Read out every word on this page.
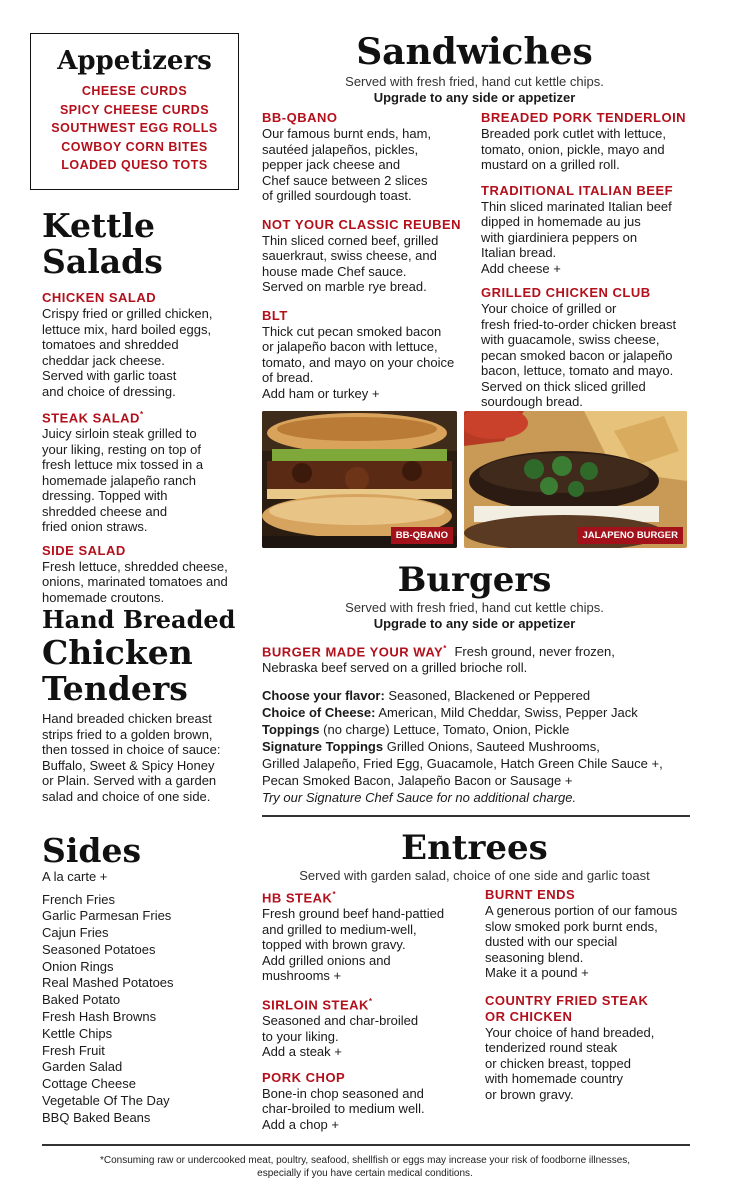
Appetizers
CHEESE CURDS
SPICY CHEESE CURDS
SOUTHWEST EGG ROLLS
COWBOY CORN BITES
LOADED QUESO TOTS
Sandwiches
Served with fresh fried, hand cut kettle chips.
Upgrade to any side or appetizer
BB-QBANO
Our famous burnt ends, ham,
sautéed jalapeños, pickles,
pepper jack cheese and
Chef sauce between 2 slices
of grilled sourdough toast.
NOT YOUR CLASSIC REUBEN
Thin sliced corned beef, grilled
sauerkraut, swiss cheese, and
house made Chef sauce.
Served on marble rye bread.
BLT
Thick cut pecan smoked bacon
or jalapeño bacon with lettuce,
tomato, and mayo on your choice
of bread.
Add ham or turkey +
BREADED PORK TENDERLOIN
Breaded pork cutlet with lettuce,
tomato, onion, pickle, mayo and
mustard on a grilled roll.
TRADITIONAL ITALIAN BEEF
Thin sliced marinated Italian beef
dipped in homemade au jus
with giardiniera peppers on
Italian bread.
Add cheese +
GRILLED CHICKEN CLUB
Your choice of grilled or
fresh fried-to-order chicken breast
with guacamole, swiss cheese,
pecan smoked bacon or jalapeño
bacon, lettuce, tomato and mayo.
Served on thick sliced grilled
sourdough bread.
BB-QBANO	JALAPENO BURGER
Kettle
Salads
CHICKEN SALAD
Crispy fried or grilled chicken,
lettuce mix, hard boiled eggs,
tomatoes and shredded
cheddar jack cheese.
Served with garlic toast
and choice of dressing.
STEAK SALAD*
Juicy sirloin steak grilled to
your liking, resting on top of
fresh lettuce mix tossed in a
homemade jalapeño ranch
dressing. Topped with
shredded cheese and
fried onion straws.
SIDE SALAD
Fresh lettuce, shredded cheese,
onions, marinated tomatoes and
homemade croutons.
Hand Breaded
Chicken
Tenders
Hand breaded chicken breast
strips fried to a golden brown,
then tossed in choice of sauce:
Buffalo, Sweet & Spicy Honey
or Plain. Served with a garden
salad and choice of one side.
Burgers
Served with fresh fried, hand cut kettle chips.
Upgrade to any side or appetizer
BURGER MADE YOUR WAY* Fresh ground, never frozen,
Nebraska beef served on a grilled brioche roll.
Choose your flavor: Seasoned, Blackened or Peppered
Choice of Cheese: American, Mild Cheddar, Swiss, Pepper Jack
Toppings (no charge) Lettuce, Tomato, Onion, Pickle
Signature Toppings Grilled Onions, Sauteed Mushrooms,
Grilled Jalapeño, Fried Egg, Guacamole, Hatch Green Chile Sauce +,
Pecan Smoked Bacon, Jalapeño Bacon or Sausage +
Try our Signature Chef Sauce for no additional charge.
Sides
A la carte +
French Fries
Garlic Parmesan Fries
Cajun Fries
Seasoned Potatoes
Onion Rings
Real Mashed Potatoes
Baked Potato
Fresh Hash Browns
Kettle Chips
Fresh Fruit
Garden Salad
Cottage Cheese
Vegetable Of The Day
BBQ Baked Beans
Entrees
Served with garden salad, choice of one side and garlic toast
HB STEAK*
Fresh ground beef hand-pattied
and grilled to medium-well,
topped with brown gravy.
Add grilled onions and
mushrooms +
SIRLOIN STEAK*
Seasoned and char-broiled
to your liking.
Add a steak +
PORK CHOP
Bone-in chop seasoned and
char-broiled to medium well.
Add a chop +
BURNT ENDS
A generous portion of our famous
slow smoked pork burnt ends,
dusted with our special
seasoning blend.
Make it a pound +
COUNTRY FRIED STEAK
OR CHICKEN
Your choice of hand breaded,
tenderized round steak
or chicken breast, topped
with homemade country
or brown gravy.
*Consuming raw or undercooked meat, poultry, seafood, shellfish or eggs may increase your risk of foodborne illnesses,
especially if you have certain medical conditions.
